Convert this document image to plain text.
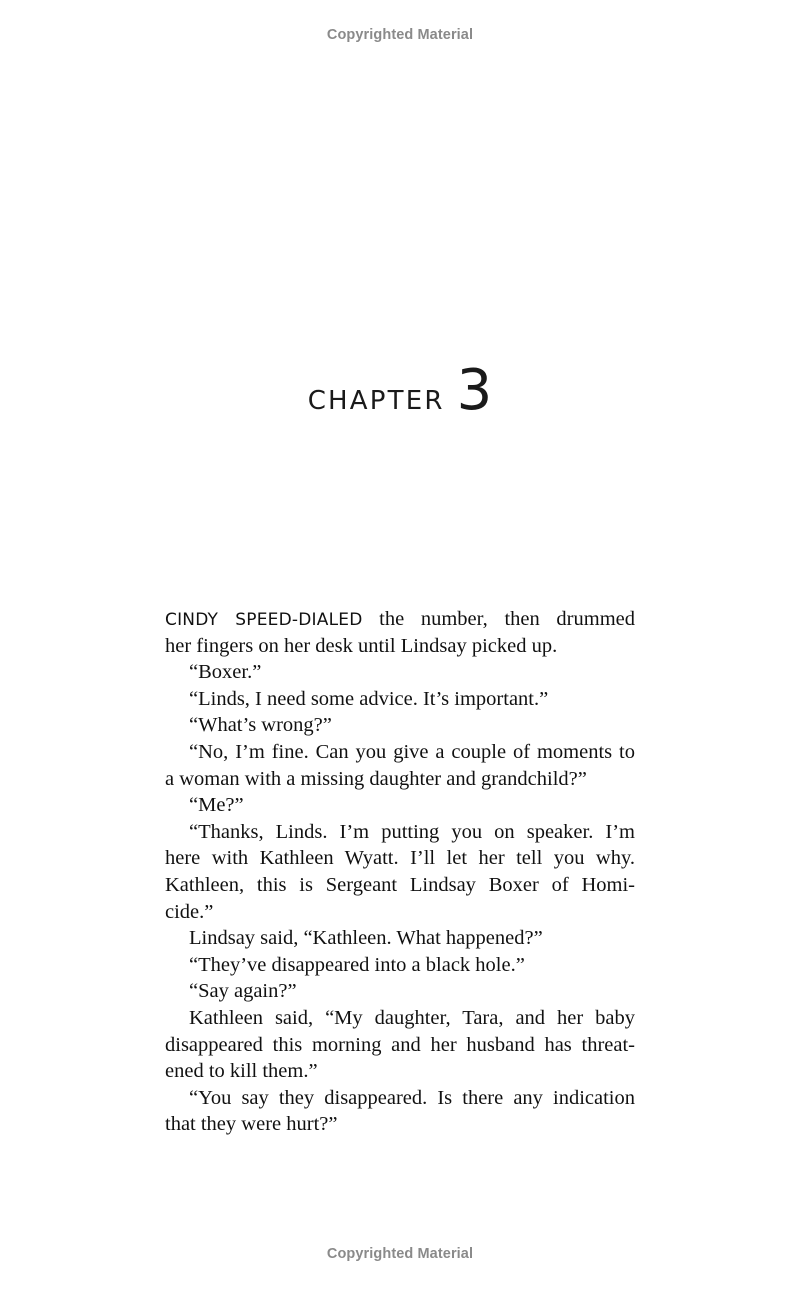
Copyrighted Material
CHAPTER 3
CINDY SPEED-DIALED the number, then drummed
her fingers on her desk until Lindsay picked up.
“Boxer.”
“Linds, I need some advice. It’s important.”
“What’s wrong?”
“No, I’m fine. Can you give a couple of moments to
a woman with a missing daughter and grandchild?”
“Me?”
“Thanks, Linds. I’m putting you on speaker. I’m
here with Kathleen Wyatt. I’ll let her tell you why.
Kathleen, this is Sergeant Lindsay Boxer of Homi-
cide.”
Lindsay said, “Kathleen. What happened?”
“They’ve disappeared into a black hole.”
“Say again?”
Kathleen said, “My daughter, Tara, and her baby
disappeared this morning and her husband has threat-
ened to kill them.”
“You say they disappeared. Is there any indication
that they were hurt?”
Copyrighted Material
